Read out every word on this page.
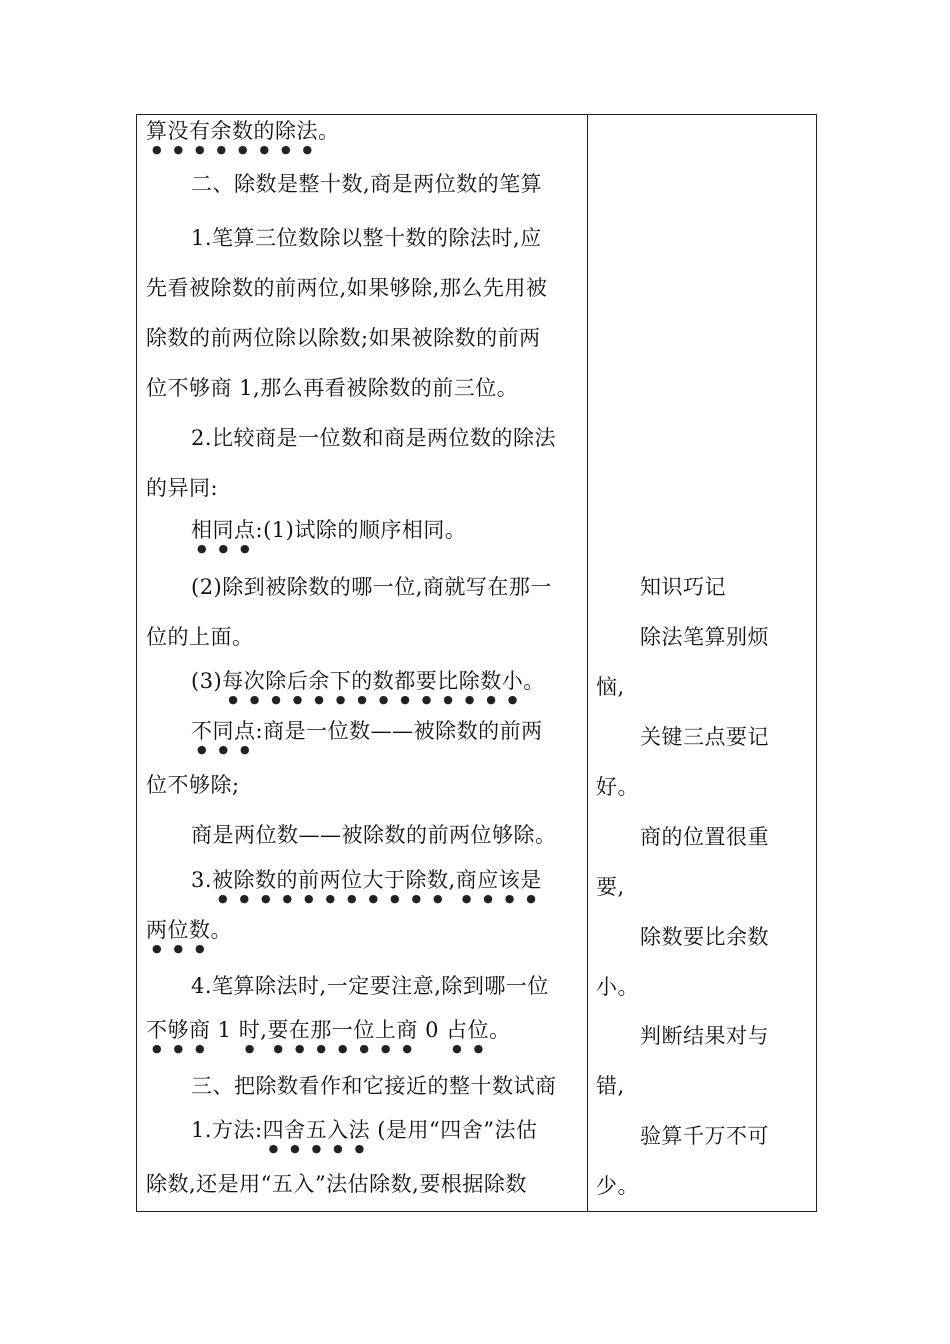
算没有余数的除法。
二、除数是整十数,商是两位数的笔算
1.笔算三位数除以整十数的除法时,应
先看被除数的前两位,如果够除,那么先用被
除数的前两位除以除数;如果被除数的前两
位不够商 1,那么再看被除数的前三位。
2.比较商是一位数和商是两位数的除法
的异同:
相同点:(1)试除的顺序相同。
(2)除到被除数的哪一位,商就写在那一
位的上面。
(3)每次除后余下的数都要比除数小。
不同点:商是一位数——被除数的前两
位不够除;
商是两位数——被除数的前两位够除。
3.被除数的前两位大于除数,商应该是
两位数。
4.笔算除法时,一定要注意,除到哪一位
不够商 1 时,要在那一位上商 0 占位。
三、把除数看作和它接近的整十数试商
1.方法:四舍五入法 (是用“四舍”法估
除数,还是用“五入”法估除数,要根据除数
知识巧记
除法笔算别烦
恼,
关键三点要记
好。
商的位置很重
要,
除数要比余数
小。
判断结果对与
错,
验算千万不可
少。
